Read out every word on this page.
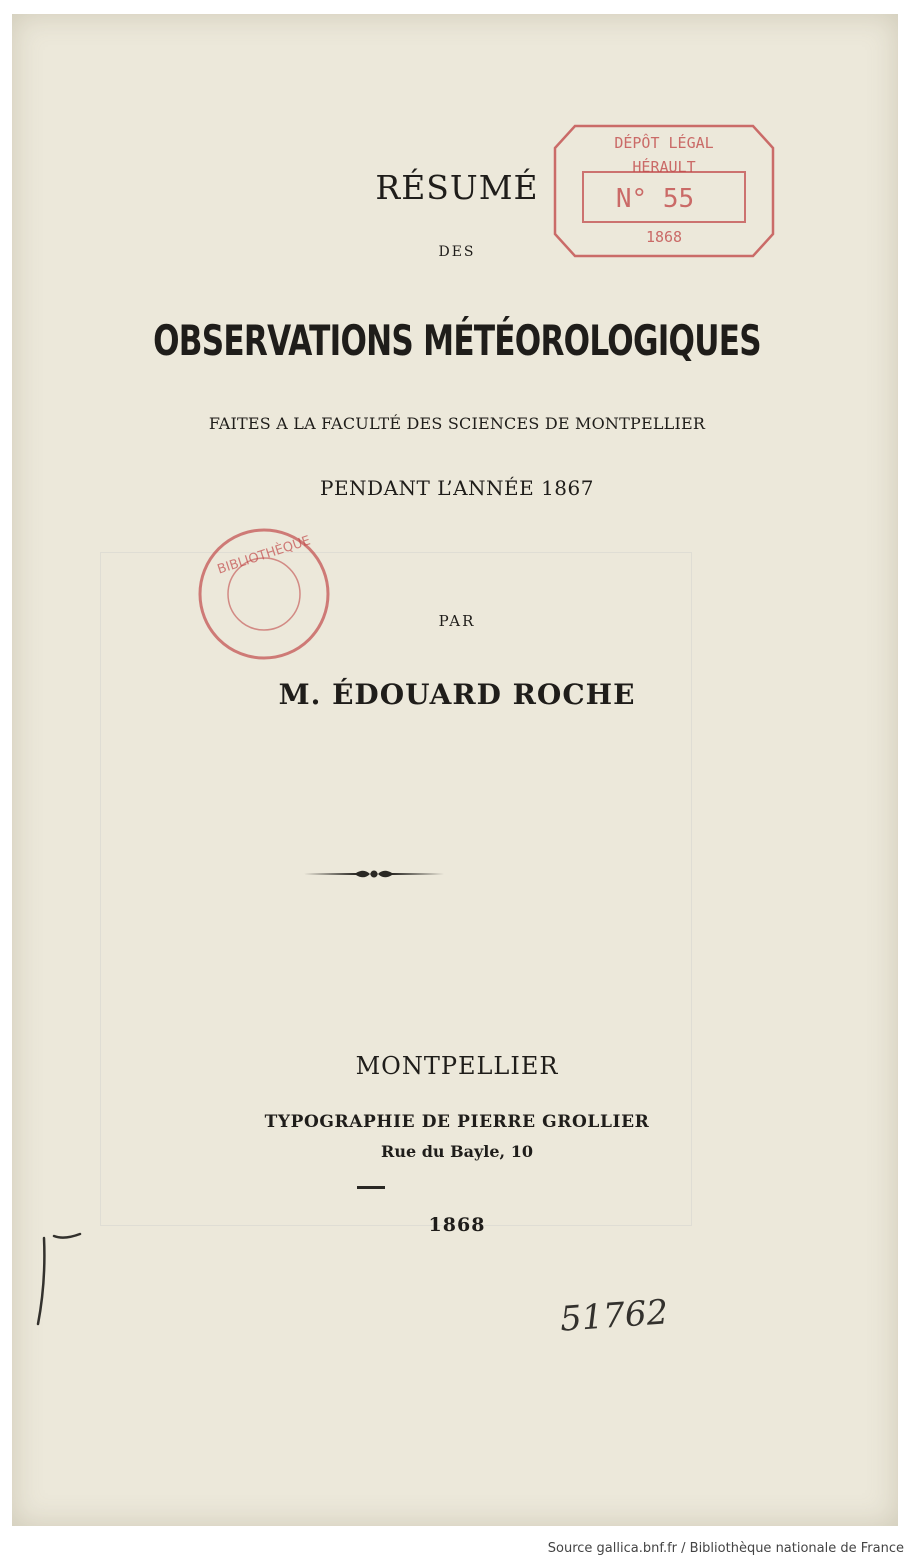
DÉPÔT LÉGAL
HÉRAULT
N° 55
1868
BIBLIOTHÈQUE
RÉSUMÉ
DES
OBSERVATIONS MÉTÉOROLOGIQUES
FAITES A LA FACULTÉ DES SCIENCES DE MONTPELLIER
PENDANT L’ANNÉE 1867
PAR
M. ÉDOUARD ROCHE
MONTPELLIER
TYPOGRAPHIE DE PIERRE GROLLIER
Rue du Bayle, 10
1868
51762
Source gallica.bnf.fr / Bibliothèque nationale de France
